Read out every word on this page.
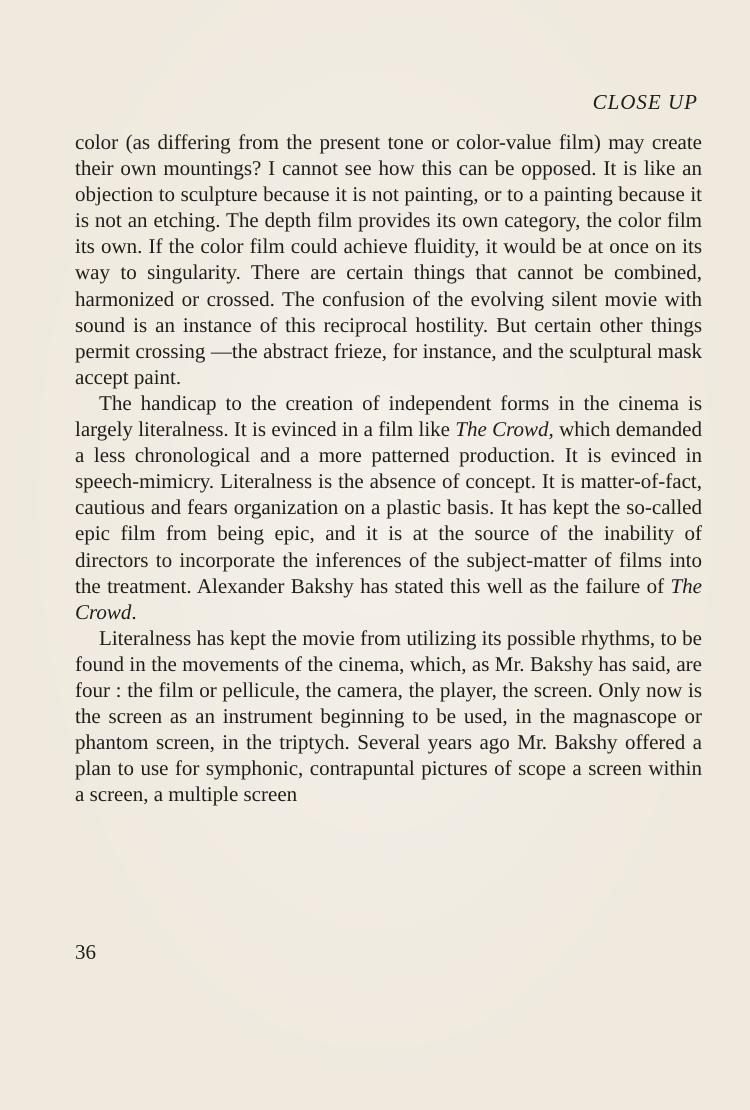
CLOSE UP

color (as differing from the present tone or color-value film) may create their own mountings? I cannot see how this can be opposed. It is like an objection to sculpture because it is not painting, or to a painting because it is not an etching. The depth film provides its own category, the color film its own. If the color film could achieve fluidity, it would be at once on its way to singularity. There are certain things that cannot be combined, harmonized or crossed. The confusion of the evolving silent movie with sound is an instance of this reciprocal hostility. But certain other things permit crossing —the abstract frieze, for instance, and the sculptural mask accept paint.

The handicap to the creation of independent forms in the cinema is largely literalness. It is evinced in a film like The Crowd, which demanded a less chronological and a more patterned production. It is evinced in speech-mimicry. Literalness is the absence of concept. It is matter-of-fact, cautious and fears organization on a plastic basis. It has kept the so-called epic film from being epic, and it is at the source of the inability of directors to incorporate the inferences of the subject-matter of films into the treatment. Alexander Bakshy has stated this well as the failure of The Crowd.

Literalness has kept the movie from utilizing its possible rhythms, to be found in the movements of the cinema, which, as Mr. Bakshy has said, are four : the film or pellicule, the camera, the player, the screen. Only now is the screen as an instrument beginning to be used, in the magnascope or phantom screen, in the triptych. Several years ago Mr. Bakshy offered a plan to use for symphonic, contrapuntal pictures of scope a screen within a screen, a multiple screen

36
